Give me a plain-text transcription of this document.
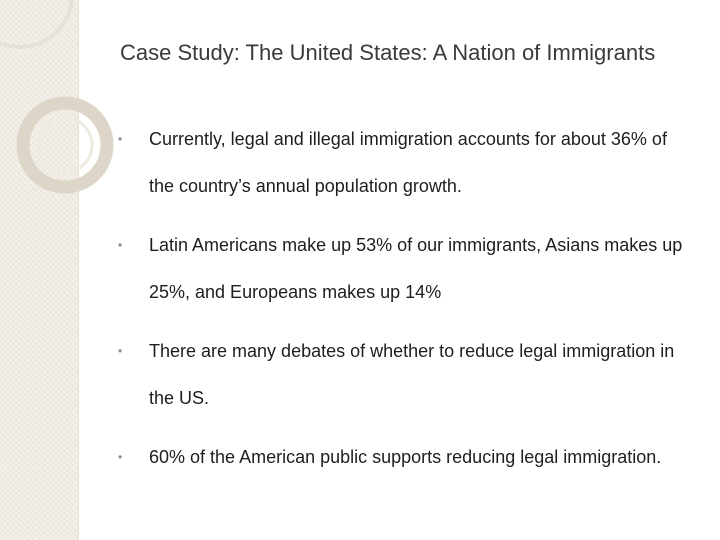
Case Study: The United States: A Nation of Immigrants
• Currently, legal and illegal immigration accounts for about 36% of the country’s annual population growth.
• Latin Americans make up 53% of our immigrants, Asians makes up 25%, and Europeans makes up 14%
• There are many debates of whether to reduce legal immigration in the US.
• 60% of the American public supports reducing legal immigration.
